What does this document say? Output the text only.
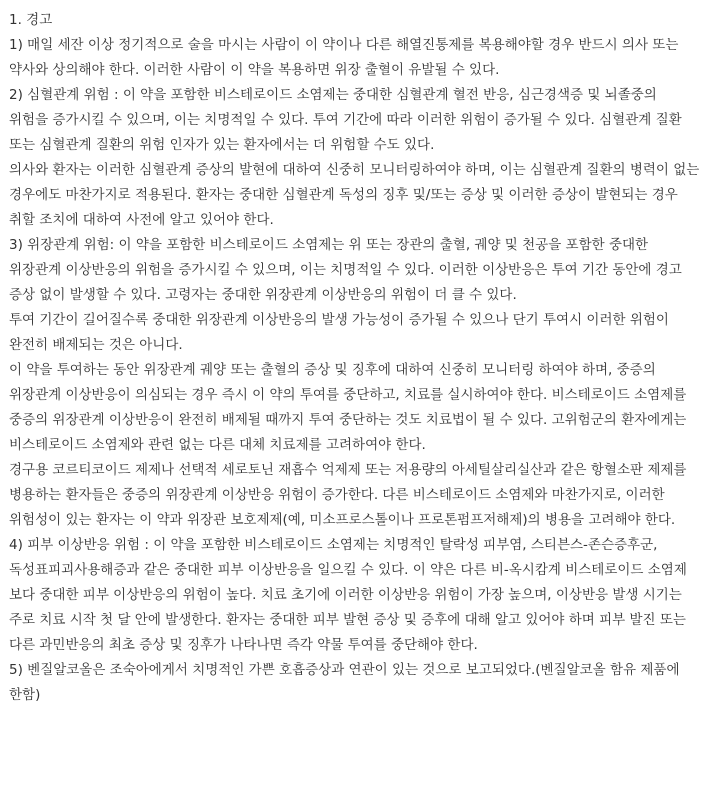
1. 경고

1) 매일 세잔 이상 정기적으로 술을 마시는 사람이 이 약이나 다른 해열진통제를 복용해야할 경우 반드시 의사 또는 약사와 상의해야 한다. 이러한 사람이 이 약을 복용하면 위장 출혈이 유발될 수 있다.

2) 심혈관계 위험 : 이 약을 포함한 비스테로이드 소염제는 중대한 심혈관계 혈전 반응, 심근경색증 및 뇌졸중의 위험을 증가시킬 수 있으며, 이는 치명적일 수 있다. 투여 기간에 따라 이러한 위험이 증가될 수 있다. 심혈관계 질환 또는 심혈관계 질환의 위험 인자가 있는 환자에서는 더 위험할 수도 있다.

의사와 환자는 이러한 심혈관계 증상의 발현에 대하여 신중히 모니터링하여야 하며, 이는 심혈관계 질환의 병력이 없는 경우에도 마찬가지로 적용된다. 환자는 중대한 심혈관계 독성의 징후 및/또는 증상 및 이러한 증상이 발현되는 경우 취할 조치에 대하여 사전에 알고 있어야 한다.

3) 위장관계 위험: 이 약을 포함한 비스테로이드 소염제는 위 또는 장관의 출혈, 궤양 및 천공을 포함한 중대한 위장관계 이상반응의 위험을 증가시킬 수 있으며, 이는 치명적일 수 있다. 이러한 이상반응은 투여 기간 동안에 경고 증상 없이 발생할 수 있다. 고령자는 중대한 위장관계 이상반응의 위험이 더 클 수 있다.

투여 기간이 길어질수록 중대한 위장관계 이상반응의 발생 가능성이 증가될 수 있으나 단기 투여시 이러한 위험이 완전히 배제되는 것은 아니다.

이 약을 투여하는 동안 위장관계 궤양 또는 출혈의 증상 및 징후에 대하여 신중히 모니터링 하여야 하며, 중증의 위장관계 이상반응이 의심되는 경우 즉시 이 약의 투여를 중단하고, 치료를 실시하여야 한다. 비스테로이드 소염제를 중증의 위장관계 이상반응이 완전히 배제될 때까지 투여 중단하는 것도 치료법이 될 수 있다. 고위험군의 환자에게는 비스테로이드 소염제와 관련 없는 다른 대체 치료제를 고려하여야 한다.

경구용 코르티코이드 제제나 선택적 세로토닌 재흡수 억제제 또는 저용량의 아세틸살리실산과 같은 항혈소판 제제를 병용하는 환자들은 중증의 위장관계 이상반응 위험이 증가한다. 다른 비스테로이드 소염제와 마찬가지로, 이러한 위험성이 있는 환자는 이 약과 위장관 보호제제(예, 미소프로스톨이나 프로톤펌프저해제)의 병용을 고려해야 한다.

4) 피부 이상반응 위험 : 이 약을 포함한 비스테로이드 소염제는 치명적인 탈락성 피부염, 스티븐스-존슨증후군, 독성표피괴사용해증과 같은 중대한 피부 이상반응을 일으킬 수 있다. 이 약은 다른 비-옥시캄계 비스테로이드 소염제 보다 중대한 피부 이상반응의 위험이 높다. 치료 초기에 이러한 이상반응 위험이 가장 높으며, 이상반응 발생 시기는 주로 치료 시작 첫 달 안에 발생한다. 환자는 중대한 피부 발현 증상 및 증후에 대해 알고 있어야 하며 피부 발진 또는 다른 과민반응의 최초 증상 및 징후가 나타나면 즉각 약물 투여를 중단해야 한다.

5) 벤질알코올은 조숙아에게서 치명적인 가쁜 호흡증상과 연관이 있는 것으로 보고되었다.(벤질알코올 함유 제품에 한함)
